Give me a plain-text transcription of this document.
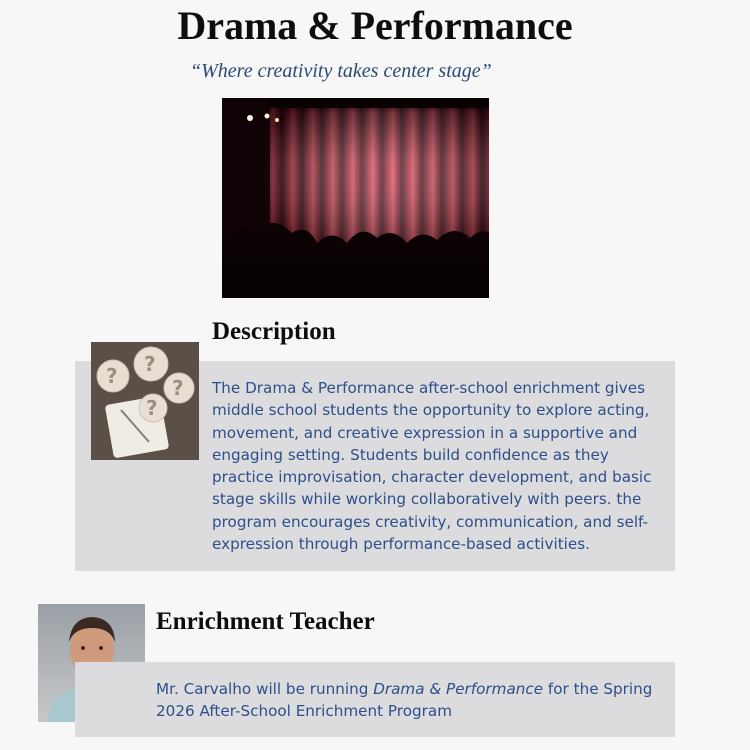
Drama & Performance
“Where creativity takes center stage”
Description
? ?
?
?
The Drama & Performance after-school enrichment gives middle school students the opportunity to explore acting, movement, and creative expression in a supportive and engaging setting. Students build confidence as they practice improvisation, character development, and basic stage skills while working collaboratively with peers. the program encourages creativity, communication, and self-expression through performance-based activities.
Enrichment Teacher
Mr. Carvalho will be running Drama & Performance for the Spring 2026 After-School Enrichment Program
